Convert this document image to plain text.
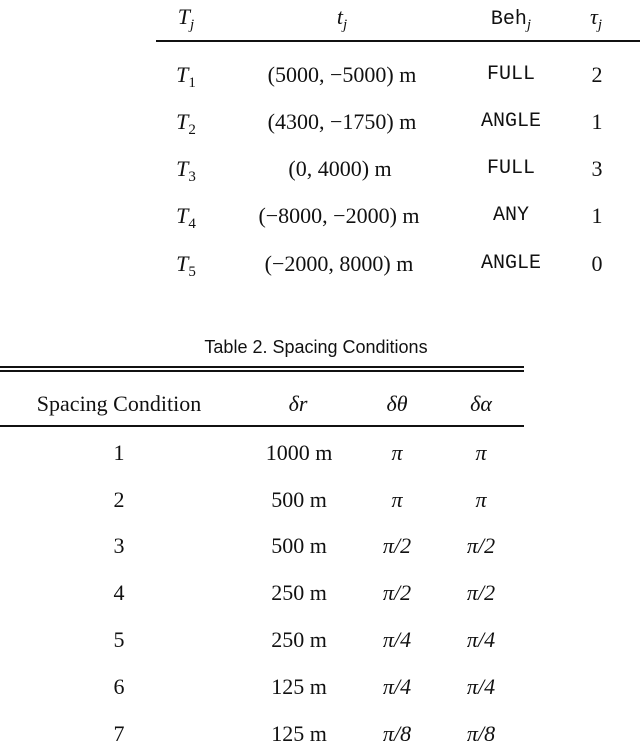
$T_j$	$t_j$	Beh$_j$	$\tau_j$
$T_1$	(5000, −5000) m	FULL	2
$T_2$	(4300, −1750) m	ANGLE 1
$T_3$	(0, 4000) m	FULL	3
$T_4$	(−8000, −2000) m	ANY	1
$T_5$	(−2000, 8000) m	ANGLE 0
Table 2. Spacing Conditions
Spacing Condition	δr	δθ	δα
1	1000 m	π	π
2	500 m	π	π
3	500 m	π/2	π/2
4	250 m	π/2	π/2
5	250 m	π/4	π/4
6	125 m	π/4	π/4
7	125 m	π/8	π/8
